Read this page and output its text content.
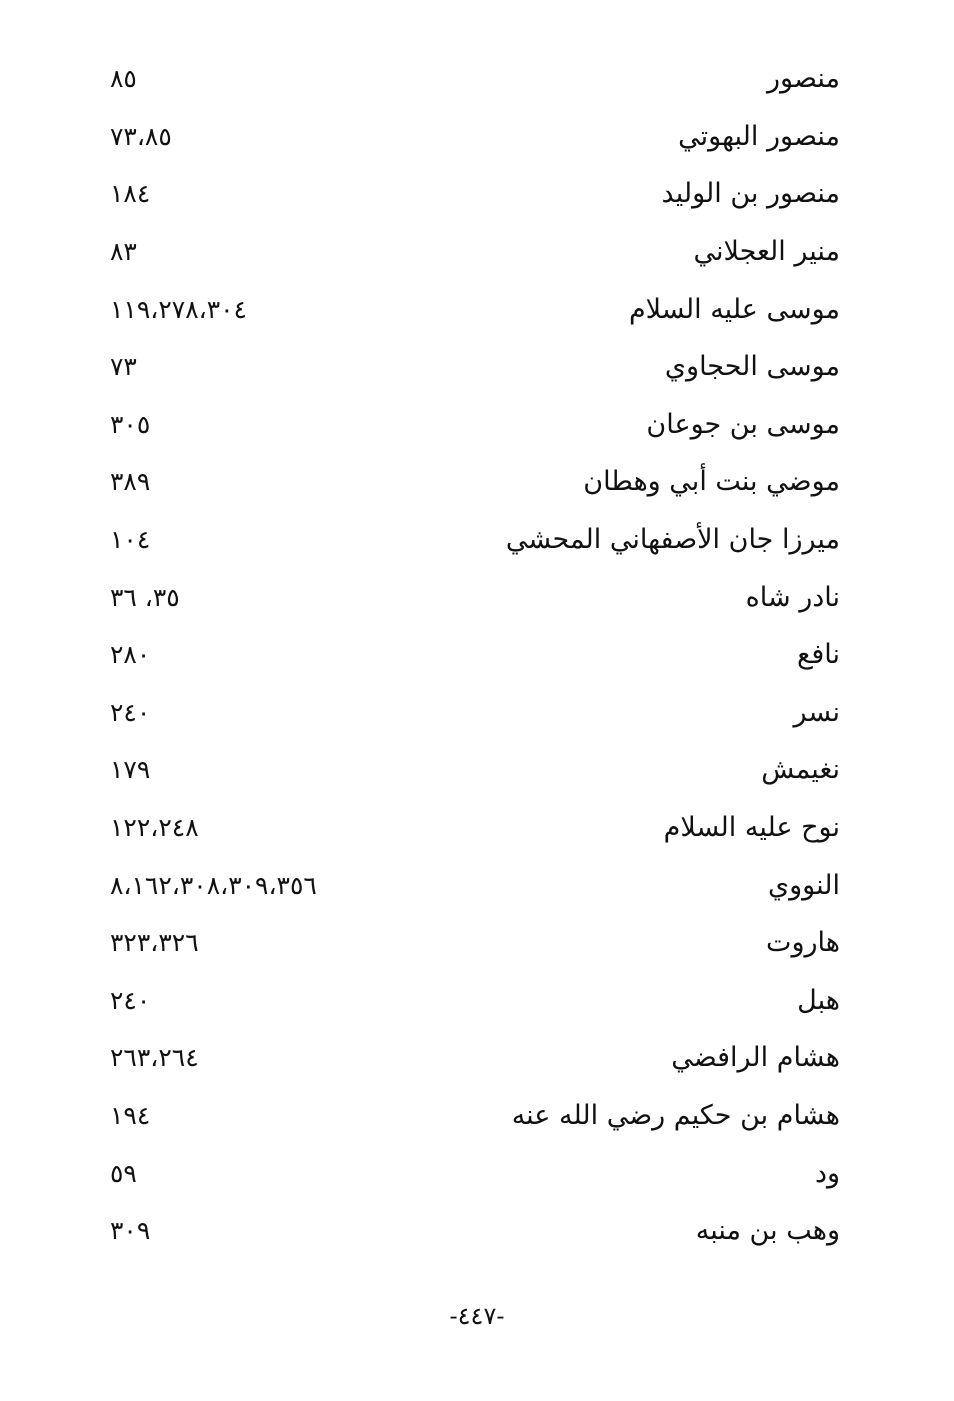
منصور
٨٥
منصور البهوتي
٧٣،٨٥
منصور بن الوليد
١٨٤
منير العجلاني
٨٣
موسى عليه السلام
١١٩،٢٧٨،٣٠٤
موسى الحجاوي
٧٣
موسى بن جوعان
٣٠٥
موضي بنت أبي وهطان
٣٨٩
ميرزا جان الأصفهاني المحشي
١٠٤
نادر شاه
٣٥، ٣٦
نافع
٢٨٠
نسر
٢٤٠
نغيمش
١٧٩
نوح عليه السلام
١٢٢،٢٤٨
النووي
٨،١٦٢،٣٠٨،٣٠٩،٣٥٦
هاروت
٣٢٣،٣٢٦
هبل
٢٤٠
هشام الرافضي
٢٦٣،٢٦٤
هشام بن حكيم رضي الله عنه
١٩٤
ود
٥٩
وهب بن منبه
٣٠٩
-٤٤٧-
